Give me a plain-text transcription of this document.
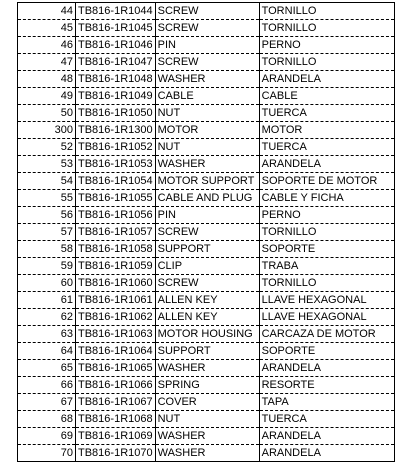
44	TB816-1R1044	SCREW	TORNILLO
45	TB816-1R1045	SCREW	TORNILLO
46	TB816-1R1046	PIN	PERNO
47	TB816-1R1047	SCREW	TORNILLO
48	TB816-1R1048	WASHER	ARANDELA
49	TB816-1R1049	CABLE	CABLE
50	TB816-1R1050	NUT	TUERCA
300	TB816-1R1300	MOTOR	MOTOR
52	TB816-1R1052	NUT	TUERCA
53	TB816-1R1053	WASHER	ARANDELA
54	TB816-1R1054	MOTOR SUPPORT	SOPORTE DE MOTOR
55	TB816-1R1055	CABLE AND PLUG	CABLE Y FICHA
56	TB816-1R1056	PIN	PERNO
57	TB816-1R1057	SCREW	TORNILLO
58	TB816-1R1058	SUPPORT	SOPORTE
59	TB816-1R1059	CLIP	TRABA
60	TB816-1R1060	SCREW	TORNILLO
61	TB816-1R1061	ALLEN KEY	LLAVE HEXAGONAL
62	TB816-1R1062	ALLEN KEY	LLAVE HEXAGONAL
63	TB816-1R1063	MOTOR HOUSING	CARCAZA DE MOTOR
64	TB816-1R1064	SUPPORT	SOPORTE
65	TB816-1R1065	WASHER	ARANDELA
66	TB816-1R1066	SPRING	RESORTE
67	TB816-1R1067	COVER	TAPA
68	TB816-1R1068	NUT	TUERCA
69	TB816-1R1069	WASHER	ARANDELA
70	TB816-1R1070	WASHER	ARANDELA
